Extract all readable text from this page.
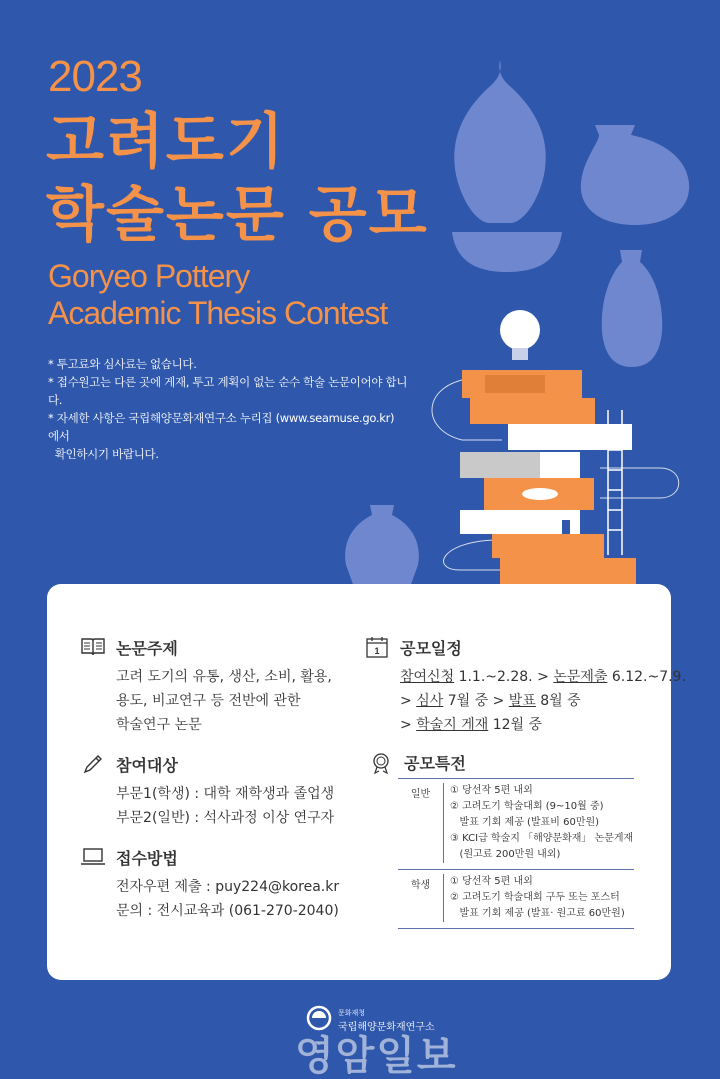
2023
고려도기
학술논문 공모
Goryeo Pottery
Academic Thesis Contest
* 투고료와 심사료는 없습니다.
* 접수원고는 다른 곳에 게재, 투고 계획이 없는 순수 학술 논문이어야 합니다.
* 자세한 사항은 국립해양문화재연구소 누리집 (www.seamuse.go.kr) 에서
확인하시기 바랍니다.
논문주제
고려 도기의 유통, 생산, 소비, 활용,
용도, 비교연구 등 전반에 관한
학술연구 논문
참여대상
부문1(학생) : 대학 재학생과 졸업생
부문2(일반) : 석사과정 이상 연구자
접수방법
전자우편 제출 : puy224@korea.kr
문의 : 전시교육과 (061-270-2040)
1 공모일정
참여신청 1.1.~2.28. > 논문제출 6.12.~7.9.
> 심사 7월 중 > 발표 8월 중
> 학술지 게재 12월 중
공모특전
일반	① 당선작 5편 내외
② 고려도기 학술대회 (9~10월 중)
발표 기회 제공 (발표비 60만원)
③ KCI급 학술지 「해양문화재」 논문게재
(원고료 200만원 내외)
학생	① 당선작 5편 내외
② 고려도기 학술대회 구두 또는 포스터
발표 기회 제공 (발표· 원고료 60만원)
문화재청
국립해양문화재연구소
영암일보
